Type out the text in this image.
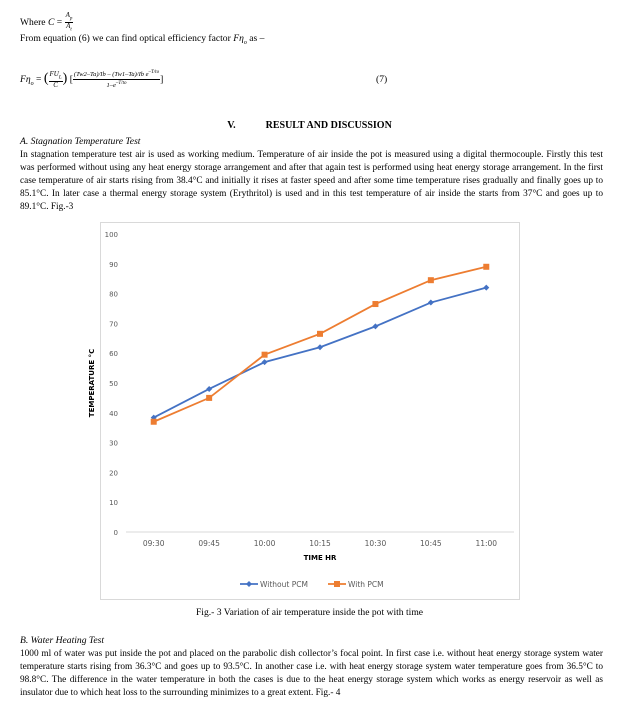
Where $C = \frac{A_p}{A_t}$
From equation (6) we can find optical efficiency factor $F\eta_o$ as –
$F\eta_o$ = ( $\frac{FU_L}{C}$ ) [ $\frac{(Tw2-Ta)/Ib - (Tw1-Ta)/Ib e^{-T/to}}{1-e^{-T/to}}$ ]	(7)
V.	RESULT AND DISCUSSION
A. Stagnation Temperature Test
In stagnation temperature test air is used as working medium. Temperature of air inside the pot is measured using a digital thermocouple. Firstly this test was performed without using any heat energy storage arrangement and after that again test is performed using heat energy storage arrangement. In the first case temperature of air starts rising from 38.4°C and initially it rises at faster speed and after some time temperature rises gradually and finally goes up to 85.1°C. In later case a thermal energy storage system (Erythritol) is used and in this test temperature of air inside the starts from 37°C and goes up to 89.1°C. Fig.-3
0
10
20
30
40
50
60
70
80
90
100
09:30	09:45	10:00	10:15	10:30	10:45	11:00
TIME HR
TEMPERATURE °C
Without PCM	With PCM
Fig.- 3 Variation of air temperature inside the pot with time
B. Water Heating Test
1000 ml of water was put inside the pot and placed on the parabolic dish collector’s focal point. In first case i.e. without heat energy storage system water temperature starts rising from 36.3°C and goes up to 93.5°C. In another case i.e. with heat energy storage system water temperature goes from 36.5°C to 98.8°C. The difference in the water temperature in both the cases is due to the heat energy storage system which works as energy reservoir as well as insulator due to which heat loss to the surrounding minimizes to a great extent. Fig.- 4
